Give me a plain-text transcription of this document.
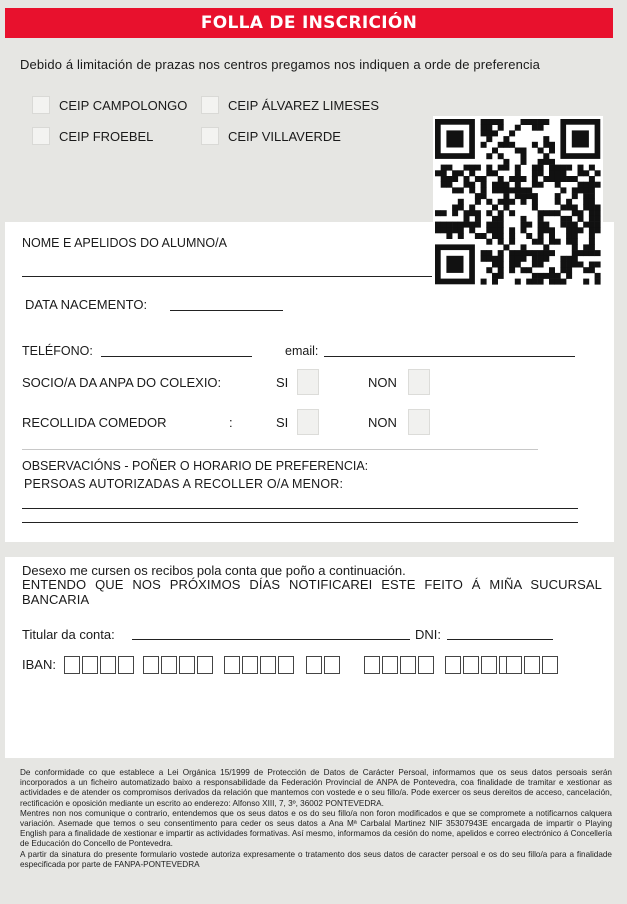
FOLLA DE INSCRICIÓN
Debido á limitación de prazas nos centros pregamos nos indiquen a orde de preferencia
CEIP CAMPOLONGO	CEIP ÁLVAREZ LIMESES
CEIP FROEBEL	CEIP VILLAVERDE
NOME E APELIDOS DO ALUMNO/A
DATA NACEMENTO:
TELÉFONO:	email:
SOCIO/A DA ANPA DO COLEXIO:	SI	NON
RECOLLIDA COMEDOR	:	SI	NON
OBSERVACIÓNS - POÑER O HORARIO DE PREFERENCIA:
PERSOAS AUTORIZADAS A RECOLLER O/A MENOR:
Desexo me cursen os recibos pola conta que poño a continuación.
ENTENDO QUE NOS PRÓXIMOS DÍAS NOTIFICAREI ESTE FEITO Á MIÑA SUCURSAL BANCARIA
Titular da conta:	DNI:
IBAN:

De conformidade co que establece a Lei Orgánica 15/1999 de Protección de Datos de Carácter Persoal, informamos que os seus datos persoais serán incorporados a un ficheiro automatizado baixo a responsabilidade da Federación Provincial de ANPA de Pontevedra, coa finalidade de tramitar e xestionar as actividades e de atender os compromisos derivados da relación que mantemos con vostede e o seu fillo/a. Pode exercer os seus dereitos de acceso, cancelación, rectificación e oposición mediante un escrito ao enderezo: Alfonso XIII, 7, 3º, 36002 PONTEVEDRA.

Mentres non nos comunique o contrario, entendemos que os seus datos e os do seu fillo/a non foron modificados e que se compromete a notificarnos calquera variación. Asemade que temos o seu consentimento para ceder os seus datos a Ana Mª Carbalal Martinez NIF 35307943E encargada de impartir o Playing English para a finalidade de xestionar e impartir as actividades formativas. Así mesmo, informamos da cesión do nome, apelidos e correo electrónico á Concellería de Educación do Concello de Pontevedra.

A partir da sinatura do presente formulario vostede autoriza expresamente o tratamento dos seus datos de caracter persoal e os do seu fillo/a para a finalidade especificada por parte de FANPA-PONTEVEDRA
